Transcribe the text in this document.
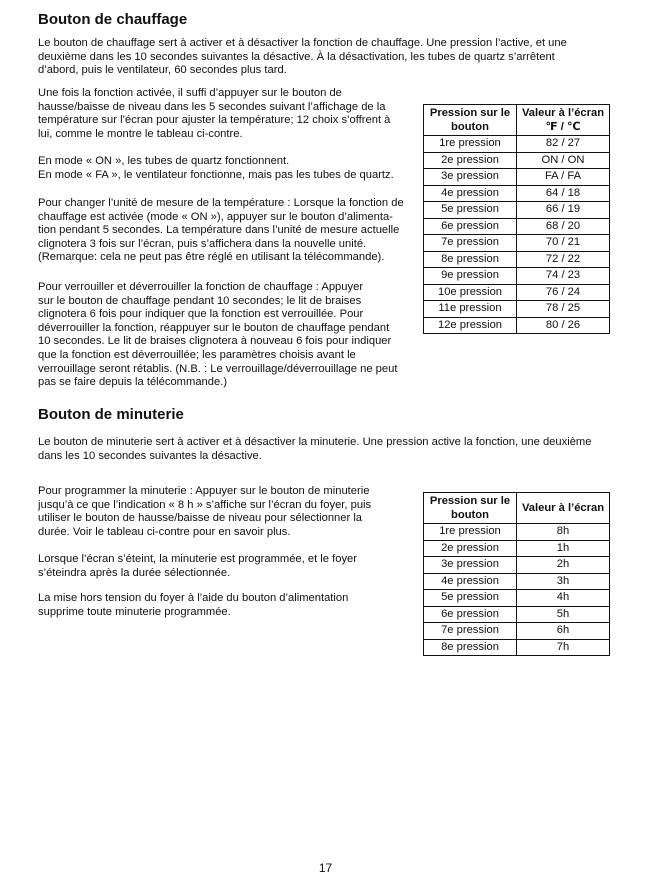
Bouton de chauffage

Le bouton de chauffage sert à activer et à désactiver la fonction de chauffage. Une pression l’active, et une
deuxième dans les 10 secondes suivantes la désactive. À la désactivation, les tubes de quartz s’arrêtent
d’abord, puis le ventilateur, 60 secondes plus tard.

Une fois la fonction activée, il suffi d’appuyer sur le bouton de
hausse/baisse de niveau dans les 5 secondes suivant l’affichage de la
température sur l’écran pour ajuster la température; 12 choix s’offrent à
lui, comme le montre le tableau ci-contre.

En mode « ON », les tubes de quartz fonctionnent.
En mode « FA », le ventilateur fonctionne, mais pas les tubes de quartz.

Pour changer l’unité de mesure de la température : Lorsque la fonction de
chauffage est activée (mode « ON »), appuyer sur le bouton d’alimenta-
tion pendant 5 secondes. La température dans l’unité de mesure actuelle
clignotera 3 fois sur l’écran, puis s’affichera dans la nouvelle unité.
(Remarque: cela ne peut pas être réglé en utilisant la télécommande).

Pour verrouiller et déverrouiller la fonction de chauffage : Appuyer
sur le bouton de chauffage pendant 10 secondes; le lit de braises
clignotera 6 fois pour indiquer que la fonction est verrouillée. Pour
déverrouiller la fonction, réappuyer sur le bouton de chauffage pendant
10 secondes. Le lit de braises clignotera à nouveau 6 fois pour indiquer
que la fonction est déverrouillée; les paramètres choisis avant le
verrouillage seront rétablis. (N.B. : Le verrouillage/déverrouillage ne peut
pas se faire depuis la télécommande.)

Pression sur le
bouton	Valeur à l’écran
℉ / ℃
1re pression	82 / 27
2e pression	ON / ON
3e pression	FA / FA
4e pression	64 / 18
5e pression	66 / 19
6e pression	68 / 20
7e pression	70 / 21
8e pression	72 / 22
9e pression	74 / 23
10e pression	76 / 24
11e pression	78 / 25
12e pression	80 / 26
Bouton de minuterie

Le bouton de minuterie sert à activer et à désactiver la minuterie. Une pression active la fonction, une deuxième
dans les 10 secondes suivantes la désactive.

Pour programmer la minuterie : Appuyer sur le bouton de minuterie
jusqu’à ce que l’indication « 8 h » s’affiche sur l’écran du foyer, puis
utiliser le bouton de hausse/baisse de niveau pour sélectionner la
durée. Voir le tableau ci-contre pour en savoir plus.

Lorsque l’écran s’éteint, la minuterie est programmée, et le foyer
s’éteindra après la durée sélectionnée.

La mise hors tension du foyer à l’aide du bouton d’alimentation
supprime toute minuterie programmée.

Pression sur le
bouton	Valeur à l’écran
1re pression	8h
2e pression	1h
3e pression	2h
4e pression	3h
5e pression	4h
6e pression	5h
7e pression	6h
8e pression	7h
17
